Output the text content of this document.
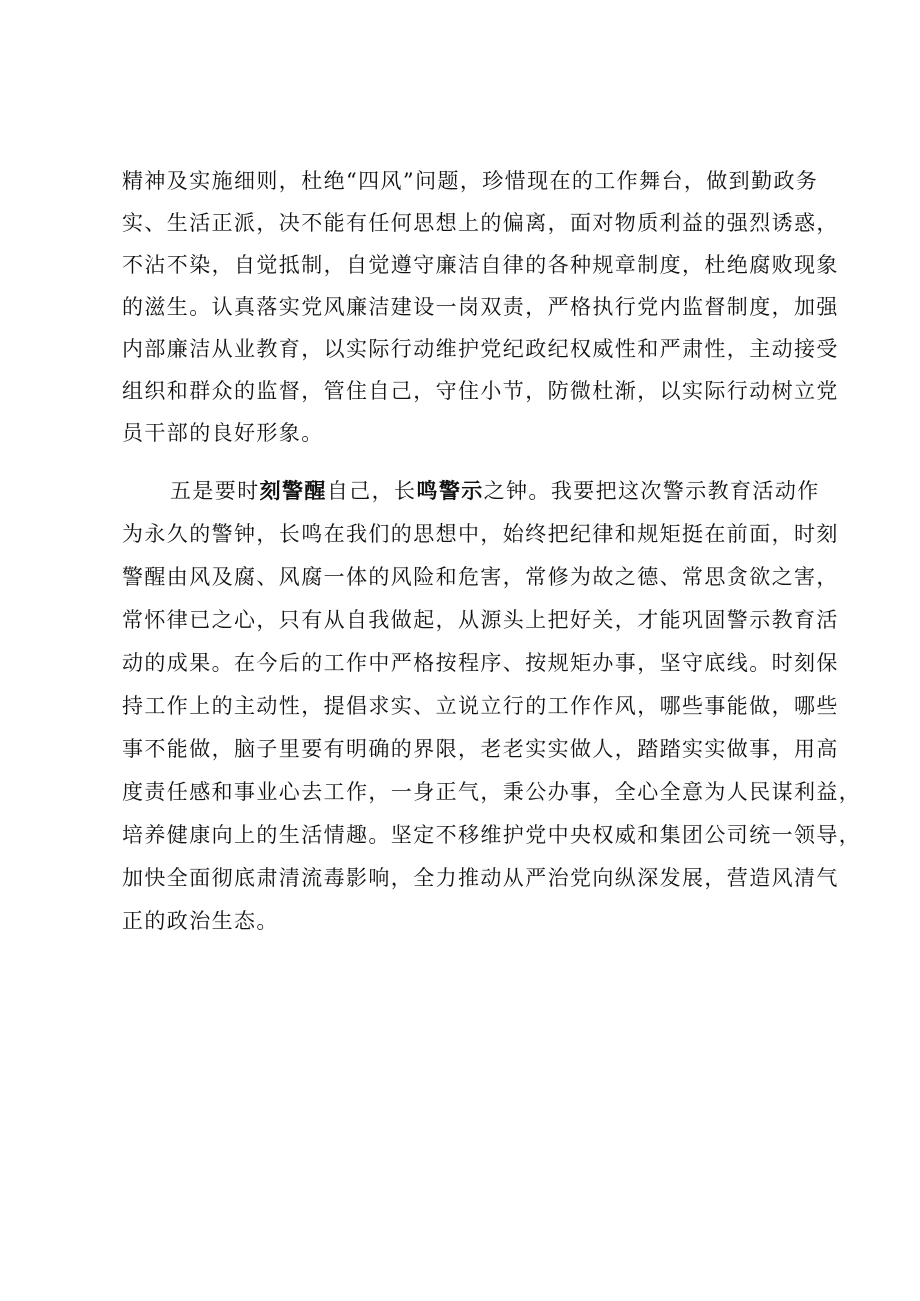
精神及实施细则，杜绝“四风”问题，珍惜现在的工作舞台，做到勤政务
实、生活正派，决不能有任何思想上的偏离，面对物质利益的强烈诱惑，
不沾不染，自觉抵制，自觉遵守廉洁自律的各种规章制度，杜绝腐败现象
的滋生。认真落实党风廉洁建设一岗双责，严格执行党内监督制度，加强
内部廉洁从业教育，以实际行动维护党纪政纪权威性和严肃性，主动接受
组织和群众的监督，管住自己，守住小节，防微杜渐，以实际行动树立党
员干部的良好形象。
五是要时刻警醒自己，长鸣警示之钟。我要把这次警示教育活动作
为永久的警钟，长鸣在我们的思想中，始终把纪律和规矩挺在前面，时刻
警醒由风及腐、风腐一体的风险和危害，常修为故之德、常思贪欲之害，
常怀律已之心，只有从自我做起，从源头上把好关，才能巩固警示教育活
动的成果。在今后的工作中严格按程序、按规矩办事，坚守底线。时刻保
持工作上的主动性，提倡求实、立说立行的工作作风，哪些事能做，哪些
事不能做，脑子里要有明确的界限，老老实实做人，踏踏实实做事，用高
度责任感和事业心去工作，一身正气，秉公办事，全心全意为人民谋利益，
培养健康向上的生活情趣。坚定不移维护党中央权威和集团公司统一领导，
加快全面彻底肃清流毒影响，全力推动从严治党向纵深发展，营造风清气
正的政治生态。
